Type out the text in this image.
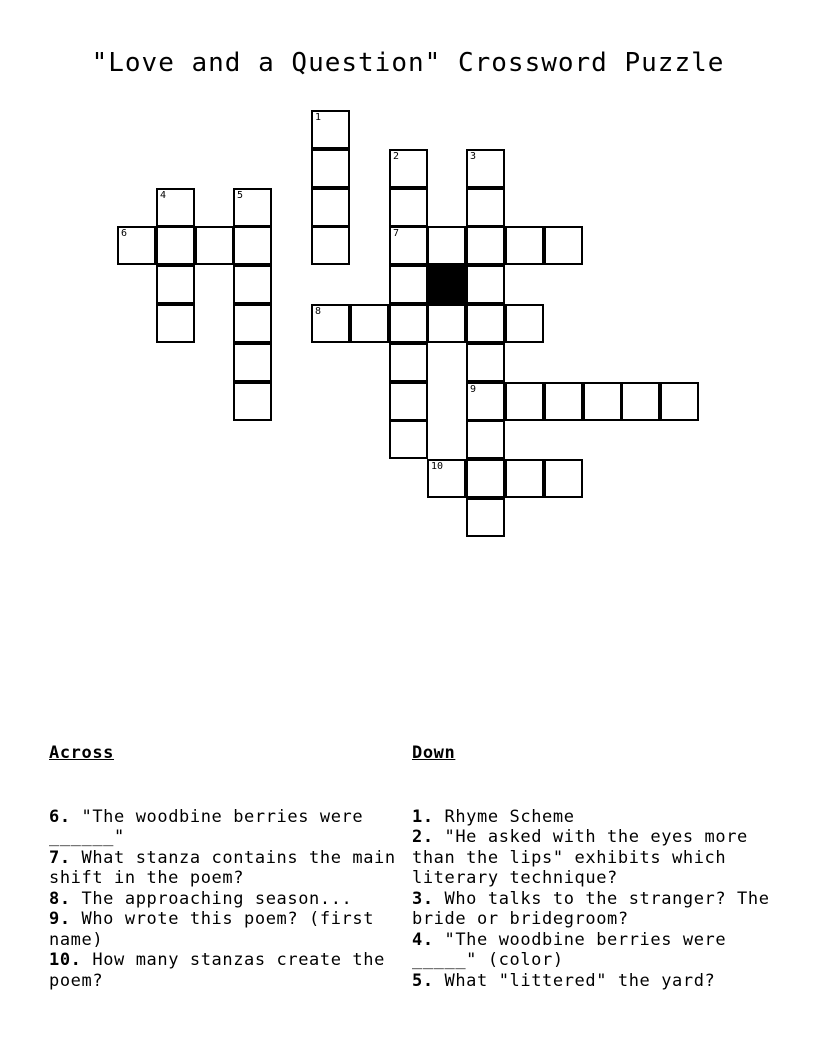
"Love and a Question" Crossword Puzzle
1
2	3
4	5
6	7
8
9
10

Across

6. "The woodbine berries were ______"
7. What stanza contains the main shift in the poem?
8. The approaching season...
9. Who wrote this poem? (first name)
10. How many stanzas create the poem?

Down

1. Rhyme Scheme
2. "He asked with the eyes more than the lips" exhibits which literary technique?
3. Who talks to the stranger? The bride or bridegroom?
4. "The woodbine berries were _____" (color)
5. What "littered" the yard?
